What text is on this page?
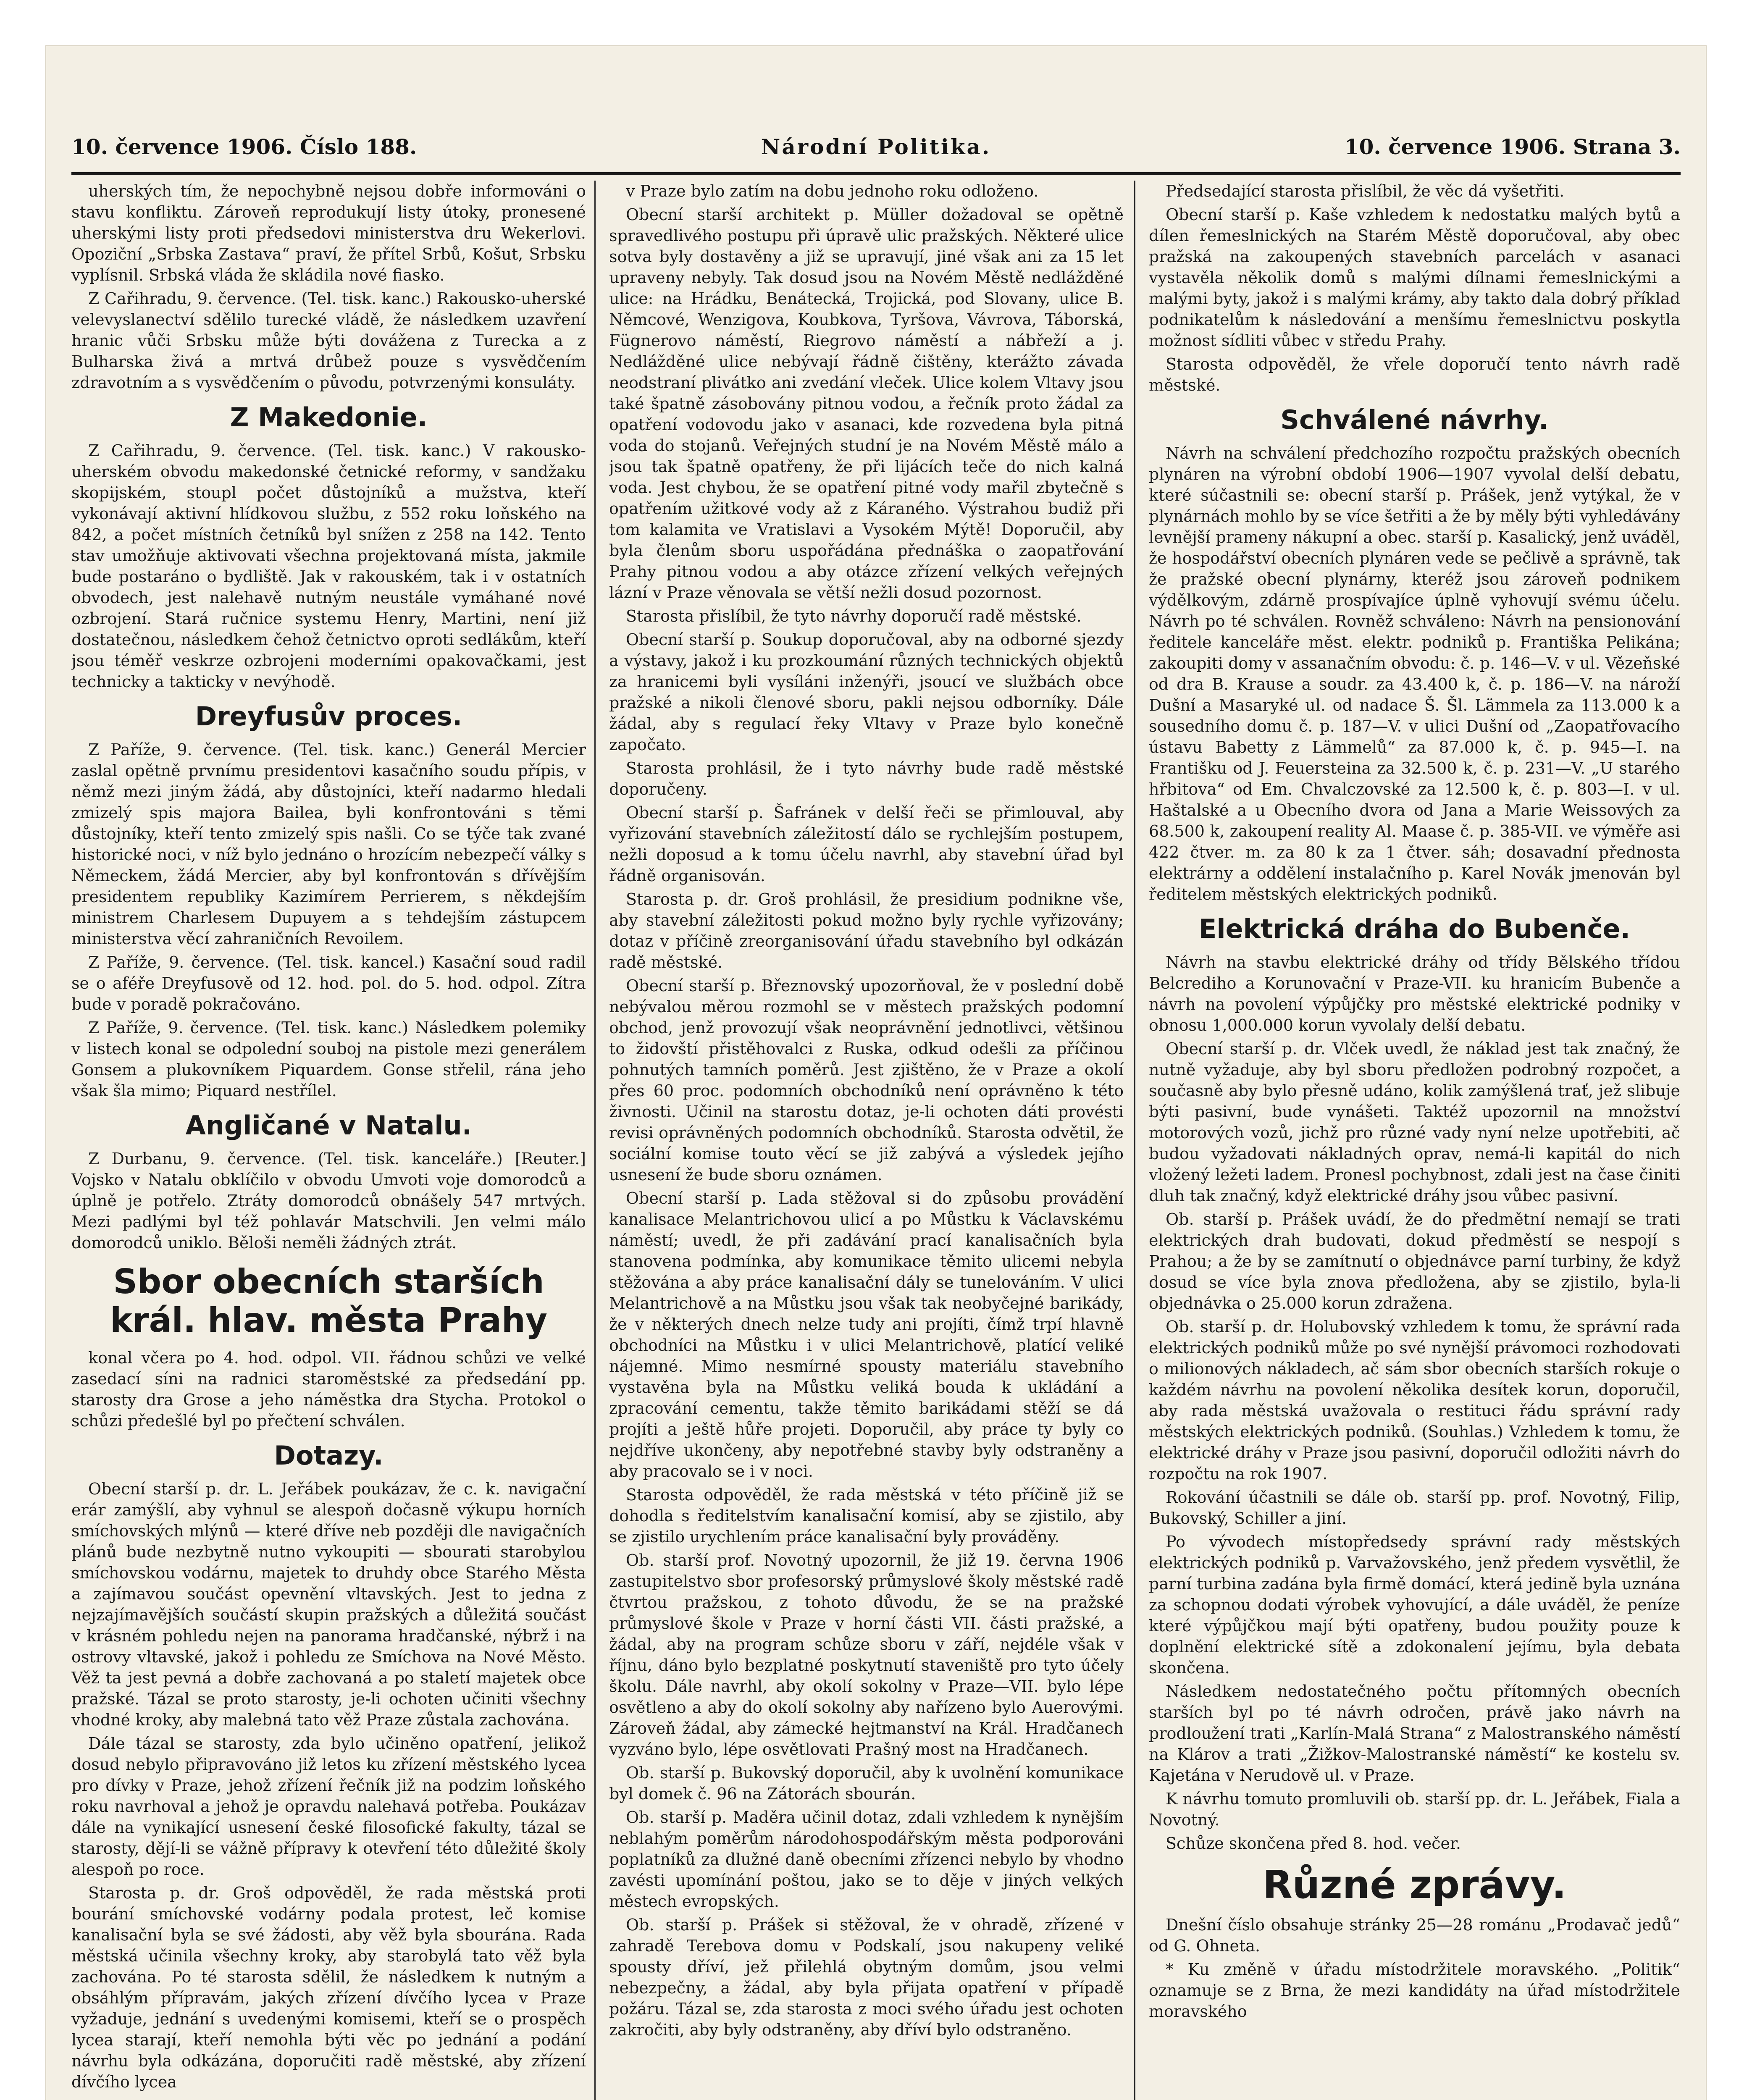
10. července 1906. Číslo 188.	Národní Politika.	10. července 1906. Strana 3.

uherských tím, že nepochybně nejsou dobře informováni o stavu konfliktu. Zároveň reprodukují listy útoky, pronesené uherskými listy proti předsedovi ministerstva dru Wekerlovi. Opoziční „Srbska Zastava“ praví, že přítel Srbů, Košut, Srbsku vyplísnil. Srbská vláda že skládila nové fiasko.

Z Cařihradu, 9. července. (Tel. tisk. kanc.) Rakousko-uherské velevyslanectví sdělilo turecké vládě, že následkem uzavření hranic vůči Srbsku může býti dovážena z Turecka a z Bulharska živá a mrtvá drůbež pouze s vysvědčením zdravotním a s vysvědčením o původu, potvrzenými konsuláty.

Z Makedonie.

Z Cařihradu, 9. července. (Tel. tisk. kanc.) V rakousko-uherském obvodu makedonské četnické reformy, v sandžaku skopijském, stoupl počet důstojníků a mužstva, kteří vykonávají aktivní hlídkovou službu, z 552 roku loňského na 842, a počet místních četníků byl snížen z 258 na 142. Tento stav umožňuje aktivovati všechna projektovaná místa, jakmile bude postaráno o bydliště. Jak v rakouském, tak i v ostatních obvodech, jest nalehavě nutným neustále vymáhané nové ozbrojení. Stará ručnice systemu Henry, Martini, není již dostatečnou, následkem čehož četnictvo oproti sedlákům, kteří jsou téměř veskrze ozbrojeni moderními opakovačkami, jest technicky a takticky v nevýhodě.

Dreyfusův proces.

Z Paříže, 9. července. (Tel. tisk. kanc.) Generál Mercier zaslal opětně prvnímu presidentovi kasačního soudu přípis, v němž mezi jiným žádá, aby důstojníci, kteří nadarmo hledali zmizelý spis majora Bailea, byli konfrontováni s těmi důstojníky, kteří tento zmizelý spis našli. Co se týče tak zvané historické noci, v níž bylo jednáno o hrozícím nebezpečí války s Německem, žádá Mercier, aby byl konfrontován s dřívějším presidentem republiky Kazimírem Perrierem, s někdejším ministrem Charlesem Dupuyem a s tehdejším zástupcem ministerstva věcí zahraničních Revoilem.

Z Paříže, 9. července. (Tel. tisk. kancel.) Kasační soud radil se o aféře Dreyfusově od 12. hod. pol. do 5. hod. odpol. Zítra bude v poradě pokračováno.

Z Paříže, 9. července. (Tel. tisk. kanc.) Následkem polemiky v listech konal se odpolední souboj na pistole mezi generálem Gonsem a plukovníkem Piquardem. Gonse střelil, rána jeho však šla mimo; Piquard nestřílel.

Angličané v Natalu.

Z Durbanu, 9. července. (Tel. tisk. kanceláře.) [Reuter.] Vojsko v Natalu obklíčilo v obvodu Umvoti voje domorodců a úplně je potřelo. Ztráty domorodců obnášely 547 mrtvých. Mezi padlými byl též pohlavár Matschvili. Jen velmi málo domorodců uniklo. Běloši neměli žádných ztrát.

Sbor obecních starších král. hlav. města Prahy

konal včera po 4. hod. odpol. VII. řádnou schůzi ve velké zasedací síni na radnici staroměstské za předsedání pp. starosty dra Grose a jeho náměstka dra Stycha. Protokol o schůzi předešlé byl po přečtení schválen.

Dotazy.

Obecní starší p. dr. L. Jeřábek poukázav, že c. k. navigační erár zamýšlí, aby vyhnul se alespoň dočasně výkupu horních smíchovských mlýnů — které dříve neb později dle navigačních plánů bude nezbytně nutno vykoupiti — sbourati starobylou smíchovskou vodárnu, majetek to druhdy obce Starého Města a zajímavou součást opevnění vltavských. Jest to jedna z nejzajímavějších součástí skupin pražských a důležitá součást v krásném pohledu nejen na panorama hradčanské, nýbrž i na ostrovy vltavské, jakož i pohledu ze Smíchova na Nové Město. Věž ta jest pevná a dobře zachovaná a po staletí majetek obce pražské. Tázal se proto starosty, je-li ochoten učiniti všechny vhodné kroky, aby malebná tato věž Praze zůstala zachována.

Dále tázal se starosty, zda bylo učiněno opatření, jelikož dosud nebylo připravováno již letos ku zřízení městského lycea pro dívky v Praze, jehož zřízení řečník již na podzim loňského roku navrhoval a jehož je opravdu nalehavá potřeba. Poukázav dále na vynikající usnesení české filosofické fakulty, tázal se starosty, dějí-li se vážně přípravy k otevření této důležité školy alespoň po roce.

Starosta p. dr. Groš odpověděl, že rada městská proti bourání smíchovské vodárny podala protest, leč komise kanalisační byla se své žádosti, aby věž byla sbourána. Rada městská učinila všechny kroky, aby starobylá tato věž byla zachována. Po té starosta sdělil, že následkem k nutným a obsáhlým přípravám, jakých zřízení dívčího lycea v Praze vyžaduje, jednání s uvedenými komisemi, kteří se o prospěch lycea starají, kteří nemohla býti věc po jednání a podání návrhu byla odkázána, doporučiti radě městské, aby zřízení dívčího lycea

v Praze bylo zatím na dobu jednoho roku odloženo.

Obecní starší architekt p. Müller dožadoval se opětně spravedlivého postupu při úpravě ulic pražských. Některé ulice sotva byly dostavěny a již se upravují, jiné však ani za 15 let upraveny nebyly. Tak dosud jsou na Novém Městě nedlážděné ulice: na Hrádku, Benátecká, Trojická, pod Slovany, ulice B. Němcové, Wenzigova, Koubkova, Tyršova, Vávrova, Táborská, Fügnerovo náměstí, Riegrovo náměstí a nábřeží a j. Nedlážděné ulice nebývají řádně čištěny, kterážto závada neodstraní plivátko ani zvedání vleček. Ulice kolem Vltavy jsou také špatně zásobovány pitnou vodou, a řečník proto žádal za opatření vodovodu jako v asanaci, kde rozvedena byla pitná voda do stojanů. Veřejných studní je na Novém Městě málo a jsou tak špatně opatřeny, že při lijácích teče do nich kalná voda. Jest chybou, že se opatření pitné vody mařil zbytečně s opatřením užitkové vody až z Káraného. Výstrahou budiž při tom kalamita ve Vratislavi a Vysokém Mýtě! Doporučil, aby byla členům sboru uspořádána přednáška o zaopatřování Prahy pitnou vodou a aby otázce zřízení velkých veřejných lázní v Praze věnovala se větší nežli dosud pozornost.

Starosta přislíbil, že tyto návrhy doporučí radě městské.

Obecní starší p. Soukup doporučoval, aby na odborné sjezdy a výstavy, jakož i ku prozkoumání různých technických objektů za hranicemi byli vysíláni inženýři, jsoucí ve službách obce pražské a nikoli členové sboru, pakli nejsou odborníky. Dále žádal, aby s regulací řeky Vltavy v Praze bylo konečně započato.

Starosta prohlásil, že i tyto návrhy bude radě městské doporučeny.

Obecní starší p. Šafránek v delší řeči se přimlouval, aby vyřizování stavebních záležitostí dálo se rychlejším postupem, nežli doposud a k tomu účelu navrhl, aby stavební úřad byl řádně organisován.

Starosta p. dr. Groš prohlásil, že presidium podnikne vše, aby stavební záležitosti pokud možno byly rychle vyřizovány; dotaz v příčině zreorganisování úřadu stavebního byl odkázán radě městské.

Obecní starší p. Březnovský upozorňoval, že v poslední době nebývalou měrou rozmohl se v městech pražských podomní obchod, jenž provozují však neoprávnění jednotlivci, většinou to židovští přistěhovalci z Ruska, odkud odešli za příčinou pohnutých tamních poměrů. Jest zjištěno, že v Praze a okolí přes 60 proc. podomních obchodníků není oprávněno k této živnosti. Učinil na starostu dotaz, je-li ochoten dáti provésti revisi oprávněných podomních obchodníků. Starosta odvětil, že sociální komise touto věcí se již zabývá a výsledek jejího usnesení že bude sboru oznámen.

Obecní starší p. Lada stěžoval si do způsobu provádění kanalisace Melantrichovou ulicí a po Můstku k Václavskému náměstí; uvedl, že při zadávání prací kanalisačních byla stanovena podmínka, aby komunikace těmito ulicemi nebyla stěžována a aby práce kanalisační dály se tunelováním. V ulici Melantrichově a na Můstku jsou však tak neobyčejné barikády, že v některých dnech nelze tudy ani projíti, čímž trpí hlavně obchodníci na Můstku i v ulici Melantrichově, platící veliké nájemné. Mimo nesmírné spousty materiálu stavebního vystavěna byla na Můstku veliká bouda k ukládání a zpracování cementu, takže těmito barikádami stěží se dá projíti a ještě hůře projeti. Doporučil, aby práce ty byly co nejdříve ukončeny, aby nepotřebné stavby byly odstraněny a aby pracovalo se i v noci.

Starosta odpověděl, že rada městská v této příčině již se dohodla s ředitelstvím kanalisační komisí, aby se zjistilo, aby se zjistilo urychlením práce kanalisační byly prováděny.

Ob. starší prof. Novotný upozornil, že již 19. června 1906 zastupitelstvo sbor profesorský průmyslové školy městské radě čtvrtou pražskou, z tohoto důvodu, že se na pražské průmyslové škole v Praze v horní části VII. části pražské, a žádal, aby na program schůze sboru v září, nejdéle však v říjnu, dáno bylo bezplatné poskytnutí staveniště pro tyto účely školu. Dále navrhl, aby okolí sokolny v Praze—VII. bylo lépe osvětleno a aby do okolí sokolny aby nařízeno bylo Auerovými. Zároveň žádal, aby zámecké hejtmanství na Král. Hradčanech vyzváno bylo, lépe osvětlovati Prašný most na Hradčanech.

Ob. starší p. Bukovský doporučil, aby k uvolnění komunikace byl domek č. 96 na Zátorách sbourán.

Ob. starší p. Maděra učinil dotaz, zdali vzhledem k nynějším neblahým poměrům národohospodářským města podporováni poplatníků za dlužné daně obecními zřízenci nebylo by vhodno zavésti upomínání poštou, jako se to děje v jiných velkých městech evropských.

Ob. starší p. Prášek si stěžoval, že v ohradě, zřízené v zahradě Terebova domu v Podskalí, jsou nakupeny veliké spousty dříví, jež přilehlá obytným domům, jsou velmi nebezpečny, a žádal, aby byla přijata opatření v případě požáru. Tázal se, zda starosta z moci svého úřadu jest ochoten zakročiti, aby byly odstraněny, aby dříví bylo odstraněno.

Předsedající starosta přislíbil, že věc dá vyšetřiti.

Obecní starší p. Kaše vzhledem k nedostatku malých bytů a dílen řemeslnických na Starém Městě doporučoval, aby obec pražská na zakoupených stavebních parcelách v asanaci vystavěla několik domů s malými dílnami řemeslnickými a malými byty, jakož i s malými krámy, aby takto dala dobrý příklad podnikatelům k následování a menšímu řemeslnictvu poskytla možnost sídliti vůbec v středu Prahy.

Starosta odpověděl, že vřele doporučí tento návrh radě městské.

Schválené návrhy.

Návrh na schválení předchozího rozpočtu pražských obecních plynáren na výrobní období 1906—1907 vyvolal delší debatu, které súčastnili se: obecní starší p. Prášek, jenž vytýkal, že v plynárnách mohlo by se více šetřiti a že by měly býti vyhledávány levnější prameny nákupní a obec. starší p. Kasalický, jenž uváděl, že hospodářství obecních plynáren vede se pečlivě a správně, tak že pražské obecní plynárny, kteréž jsou zároveň podnikem výdělkovým, zdárně prospívajíce úplně vyhovují svému účelu. Návrh po té schválen. Rovněž schváleno: Návrh na pensionování ředitele kanceláře měst. elektr. podniků p. Františka Pelikána; zakoupiti domy v assanačním obvodu: č. p. 146—V. v ul. Vězeňské od dra B. Krause a soudr. za 43.400 k, č. p. 186—V. na nároží Dušní a Masaryké ul. od nadace Š. Šl. Lämmela za 113.000 k a sousedního domu č. p. 187—V. v ulici Dušní od „Zaopatřovacího ústavu Babetty z Lämmelů“ za 87.000 k, č. p. 945—I. na Františku od J. Feuersteina za 32.500 k, č. p. 231—V. „U starého hřbitova“ od Em. Chvalczovské za 12.500 k, č. p. 803—I. v ul. Haštalské a u Obecního dvora od Jana a Marie Weissových za 68.500 k, zakoupení reality Al. Maase č. p. 385-VII. ve výměře asi 422 čtver. m. za 80 k za 1 čtver. sáh; dosavadní přednosta elektrárny a oddělení instalačního p. Karel Novák jmenován byl ředitelem městských elektrických podniků.

Elektrická dráha do Bubenče.

Návrh na stavbu elektrické dráhy od třídy Bělského třídou Belcrediho a Korunovační v Praze-VII. ku hranicím Bubenče a návrh na povolení výpůjčky pro městské elektrické podniky v obnosu 1,000.000 korun vyvolaly delší debatu.

Obecní starší p. dr. Vlček uvedl, že náklad jest tak značný, že nutně vyžaduje, aby byl sboru předložen podrobný rozpočet, a současně aby bylo přesně udáno, kolik zamýšlená trať, jež slibuje býti pasivní, bude vynášeti. Taktéž upozornil na množství motorových vozů, jichž pro různé vady nyní nelze upotřebiti, ač budou vyžadovati nákladných oprav, nemá-li kapitál do nich vložený ležeti ladem. Pronesl pochybnost, zdali jest na čase činiti dluh tak značný, když elektrické dráhy jsou vůbec pasivní.

Ob. starší p. Prášek uvádí, že do předmětní nemají se trati elektrických drah budovati, dokud předměstí se nespojí s Prahou; a že by se zamítnutí o objednávce parní turbiny, že když dosud se více byla znova předložena, aby se zjistilo, byla-li objednávka o 25.000 korun zdražena.

Ob. starší p. dr. Holubovský vzhledem k tomu, že správní rada elektrických podniků může po své nynější právomoci rozhodovati o milionových nákladech, ač sám sbor obecních starších rokuje o každém návrhu na povolení několika desítek korun, doporučil, aby rada městská uvažovala o restituci řádu správní rady městských elektrických podniků. (Souhlas.) Vzhledem k tomu, že elektrické dráhy v Praze jsou pasivní, doporučil odložiti návrh do rozpočtu na rok 1907.

Rokování účastnili se dále ob. starší pp. prof. Novotný, Filip, Bukovský, Schiller a jiní.

Po vývodech místopředsedy správní rady městských elektrických podniků p. Varvažovského, jenž předem vysvětlil, že parní turbina zadána byla firmě domácí, která jedině byla uznána za schopnou dodati výrobek vyhovující, a dále uváděl, že peníze které výpůjčkou mají býti opatřeny, budou použity pouze k doplnění elektrické sítě a zdokonalení jejímu, byla debata skončena.

Následkem nedostatečného počtu přítomných obecních starších byl po té návrh odročen, právě jako návrh na prodloužení trati „Karlín-Malá Strana“ z Malostranského náměstí na Klárov a trati „Žižkov-Malostranské náměstí“ ke kostelu sv. Kajetána v Nerudově ul. v Praze.

K návrhu tomuto promluvili ob. starší pp. dr. L. Jeřábek, Fiala a Novotný.

Schůze skončena před 8. hod. večer.

Různé zprávy.

Dnešní číslo obsahuje stránky 25—28 románu „Prodavač jedů“ od G. Ohneta.

* Ku změně v úřadu místodržitele moravského. „Politik“ oznamuje se z Brna, že mezi kandidáty na úřad místodržitele moravského
